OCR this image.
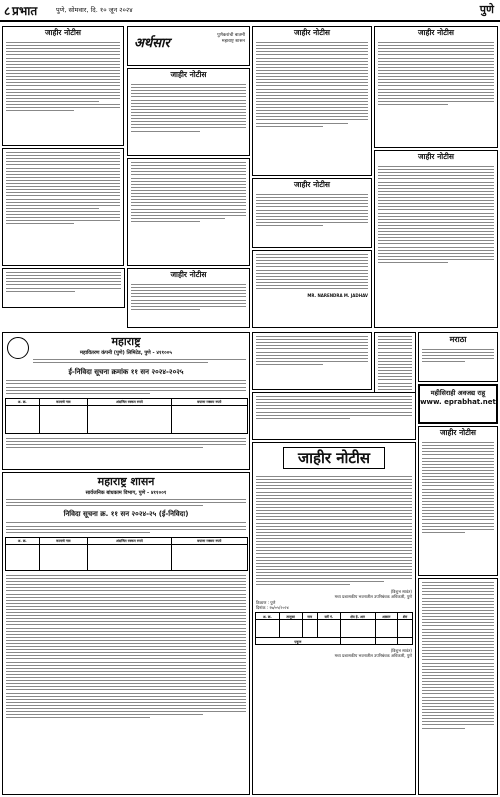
८ प्रभात	पुणे, सोमवार, दि. १० जून २०२४	पुणे
जाहीर नोटीस
अर्थसार
पुणेकरांची बातमी
महाराष्ट्र शासन
जाहीर नोटीस
जाहीर नोटीस
जाहीर नोटीस
जाहीर नोटीस
MR. NARENDRA M. JADHAV
जाहीर नोटीस
जाहीर नोटीस
महाराष्ट्र
महावितरण कंपनी (पुणे) लिमिटेड, पुणे - ४११००५
ई-निविदा सूचना क्रमांक ११ सन २०२४-२०२५
अ. क्र.	कामाचे नाव	अंदाजित रक्कम रुपये	बयाणा रक्कम रुपये

महाराष्ट्र शासन
सार्वजनिक बांधकाम विभाग, पुणे - ४११००१
निविदा सूचना क्र. ११ सन २०२४-२५ (ई-निविदा)
अ. क्र.	कामाचे नाव	अंदाजित रक्कम रुपये	बयाणा रक्कम रुपये

मराठा
महीसिराही अवजद्य राहू
www. eprabhat.net
जाहीर नोटीस
जाहीर नोटीस
(विशुभ सावंत)
मध्य प्रशासकीय भवनातील उपनिबंधक अधिकारी, पुणे
ठिकाण : पुणे
दिनांक : २७/०५/२०२४
अ. क्र.	तालुका	गाव	सर्वे नं.	क्षेत्र हे. आर	आकार	शेरा

एकूण						
(विशुभ सावंत)
मध्य प्रशासकीय भवनातील उपनिबंधक अधिकारी, पुणे
